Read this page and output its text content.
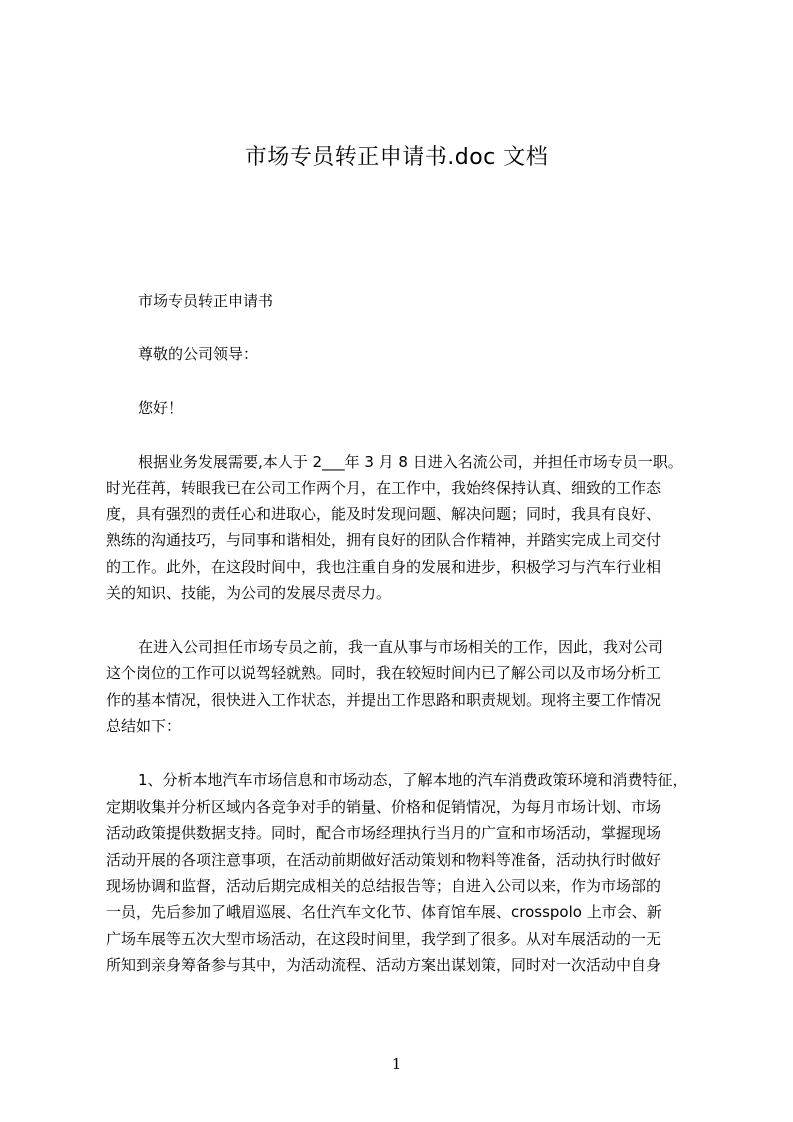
市场专员转正申请书.doc 文档
市场专员转正申请书
尊敬的公司领导：
您好！
根据业务发展需要,本人于 2___年 3 月 8 日进入名流公司，并担任市场专员一职。
时光荏苒，转眼我已在公司工作两个月，在工作中，我始终保持认真、细致的工作态
度，具有强烈的责任心和进取心，能及时发现问题、解决问题；同时，我具有良好、
熟练的沟通技巧，与同事和谐相处，拥有良好的团队合作精神，并踏实完成上司交付
的工作。此外，在这段时间中，我也注重自身的发展和进步，积极学习与汽车行业相
关的知识、技能，为公司的发展尽责尽力。
在进入公司担任市场专员之前，我一直从事与市场相关的工作，因此，我对公司
这个岗位的工作可以说驾轻就熟。同时，我在较短时间内已了解公司以及市场分析工
作的基本情况，很快进入工作状态，并提出工作思路和职责规划。现将主要工作情况
总结如下：
1、分析本地汽车市场信息和市场动态，了解本地的汽车消费政策环境和消费特征，
定期收集并分析区域内各竞争对手的销量、价格和促销情况，为每月市场计划、市场
活动政策提供数据支持。同时，配合市场经理执行当月的广宣和市场活动，掌握现场
活动开展的各项注意事项，在活动前期做好活动策划和物料等准备，活动执行时做好
现场协调和监督，活动后期完成相关的总结报告等；自进入公司以来，作为市场部的
一员，先后参加了峨眉巡展、名仕汽车文化节、体育馆车展、crosspolo 上市会、新
广场车展等五次大型市场活动，在这段时间里，我学到了很多。从对车展活动的一无
所知到亲身筹备参与其中，为活动流程、活动方案出谋划策，同时对一次活动中自身
1
